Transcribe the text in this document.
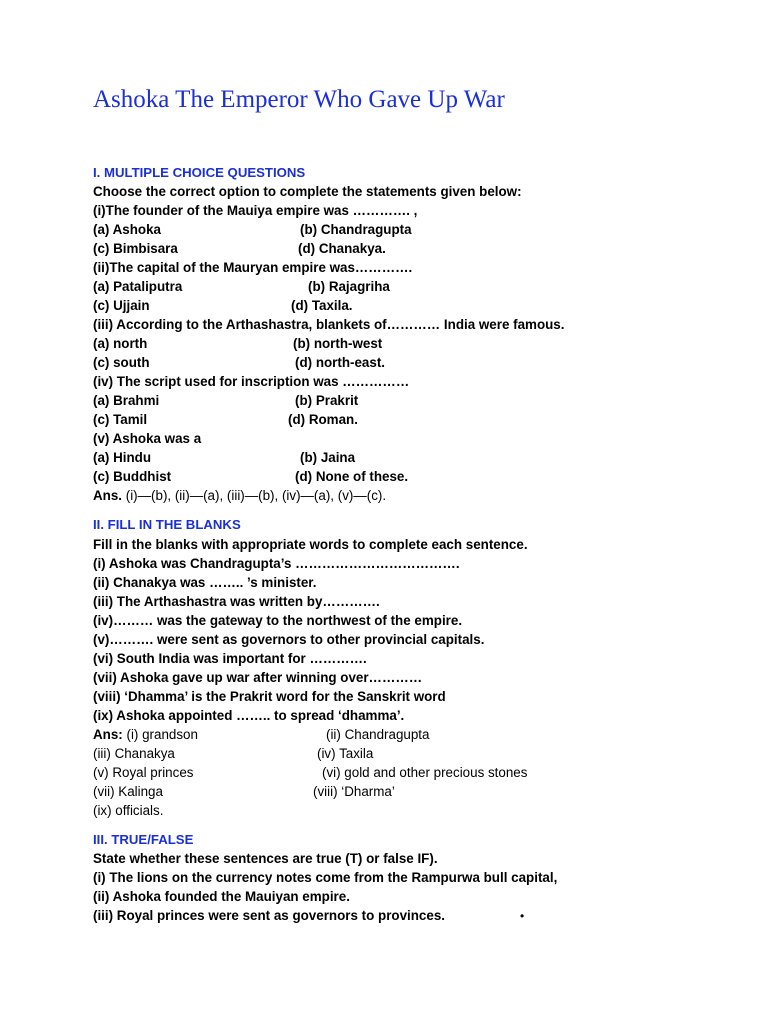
Ashoka The Emperor Who Gave Up War
I. MULTIPLE CHOICE QUESTIONS
Choose the correct option to complete the statements given below:
(i)The founder of the Mauiya empire was …………. ,
(a) Ashoka	(b) Chandragupta
(c) Bimbisara	(d) Chanakya.
(ii)The capital of the Mauryan empire was………….
(a) Pataliputra	(b) Rajagriha
(c) Ujjain	(d) Taxila.
(iii) According to the Arthashastra, blankets of………… India were famous.
(a) north	(b) north-west
(c) south	(d) north-east.
(iv) The script used for inscription was ……………
(a) Brahmi	(b) Prakrit
(c) Tamil	(d) Roman.
(v) Ashoka was a
(a) Hindu	(b) Jaina
(c) Buddhist	(d) None of these.
Ans. (i)—(b), (ii)—(a), (iii)—(b), (iv)—(a), (v)—(c).
II. FILL IN THE BLANKS
Fill in the blanks with appropriate words to complete each sentence.
(i) Ashoka was Chandragupta’s ……………………………….
(ii) Chanakya was …….. ’s minister.
(iii) The Arthashastra was written by………….
(iv)……… was the gateway to the northwest of the empire.
(v)………. were sent as governors to other provincial capitals.
(vi) South India was important for ………….
(vii) Ashoka gave up war after winning over…………
(viii) ‘Dhamma’ is the Prakrit word for the Sanskrit word
(ix) Ashoka appointed …….. to spread ‘dhamma’.
Ans: (i) grandson	(ii) Chandragupta
(iii) Chanakya	(iv) Taxila
(v) Royal princes	(vi) gold and other precious stones
(vii) Kalinga	(viii) ‘Dharma’
(ix) officials.
III. TRUE/FALSE
State whether these sentences are true (T) or false IF).
(i) The lions on the currency notes come from the Rampurwa bull capital,
(ii) Ashoka founded the Mauiyan empire.
(iii) Royal princes were sent as governors to provinces.	•
